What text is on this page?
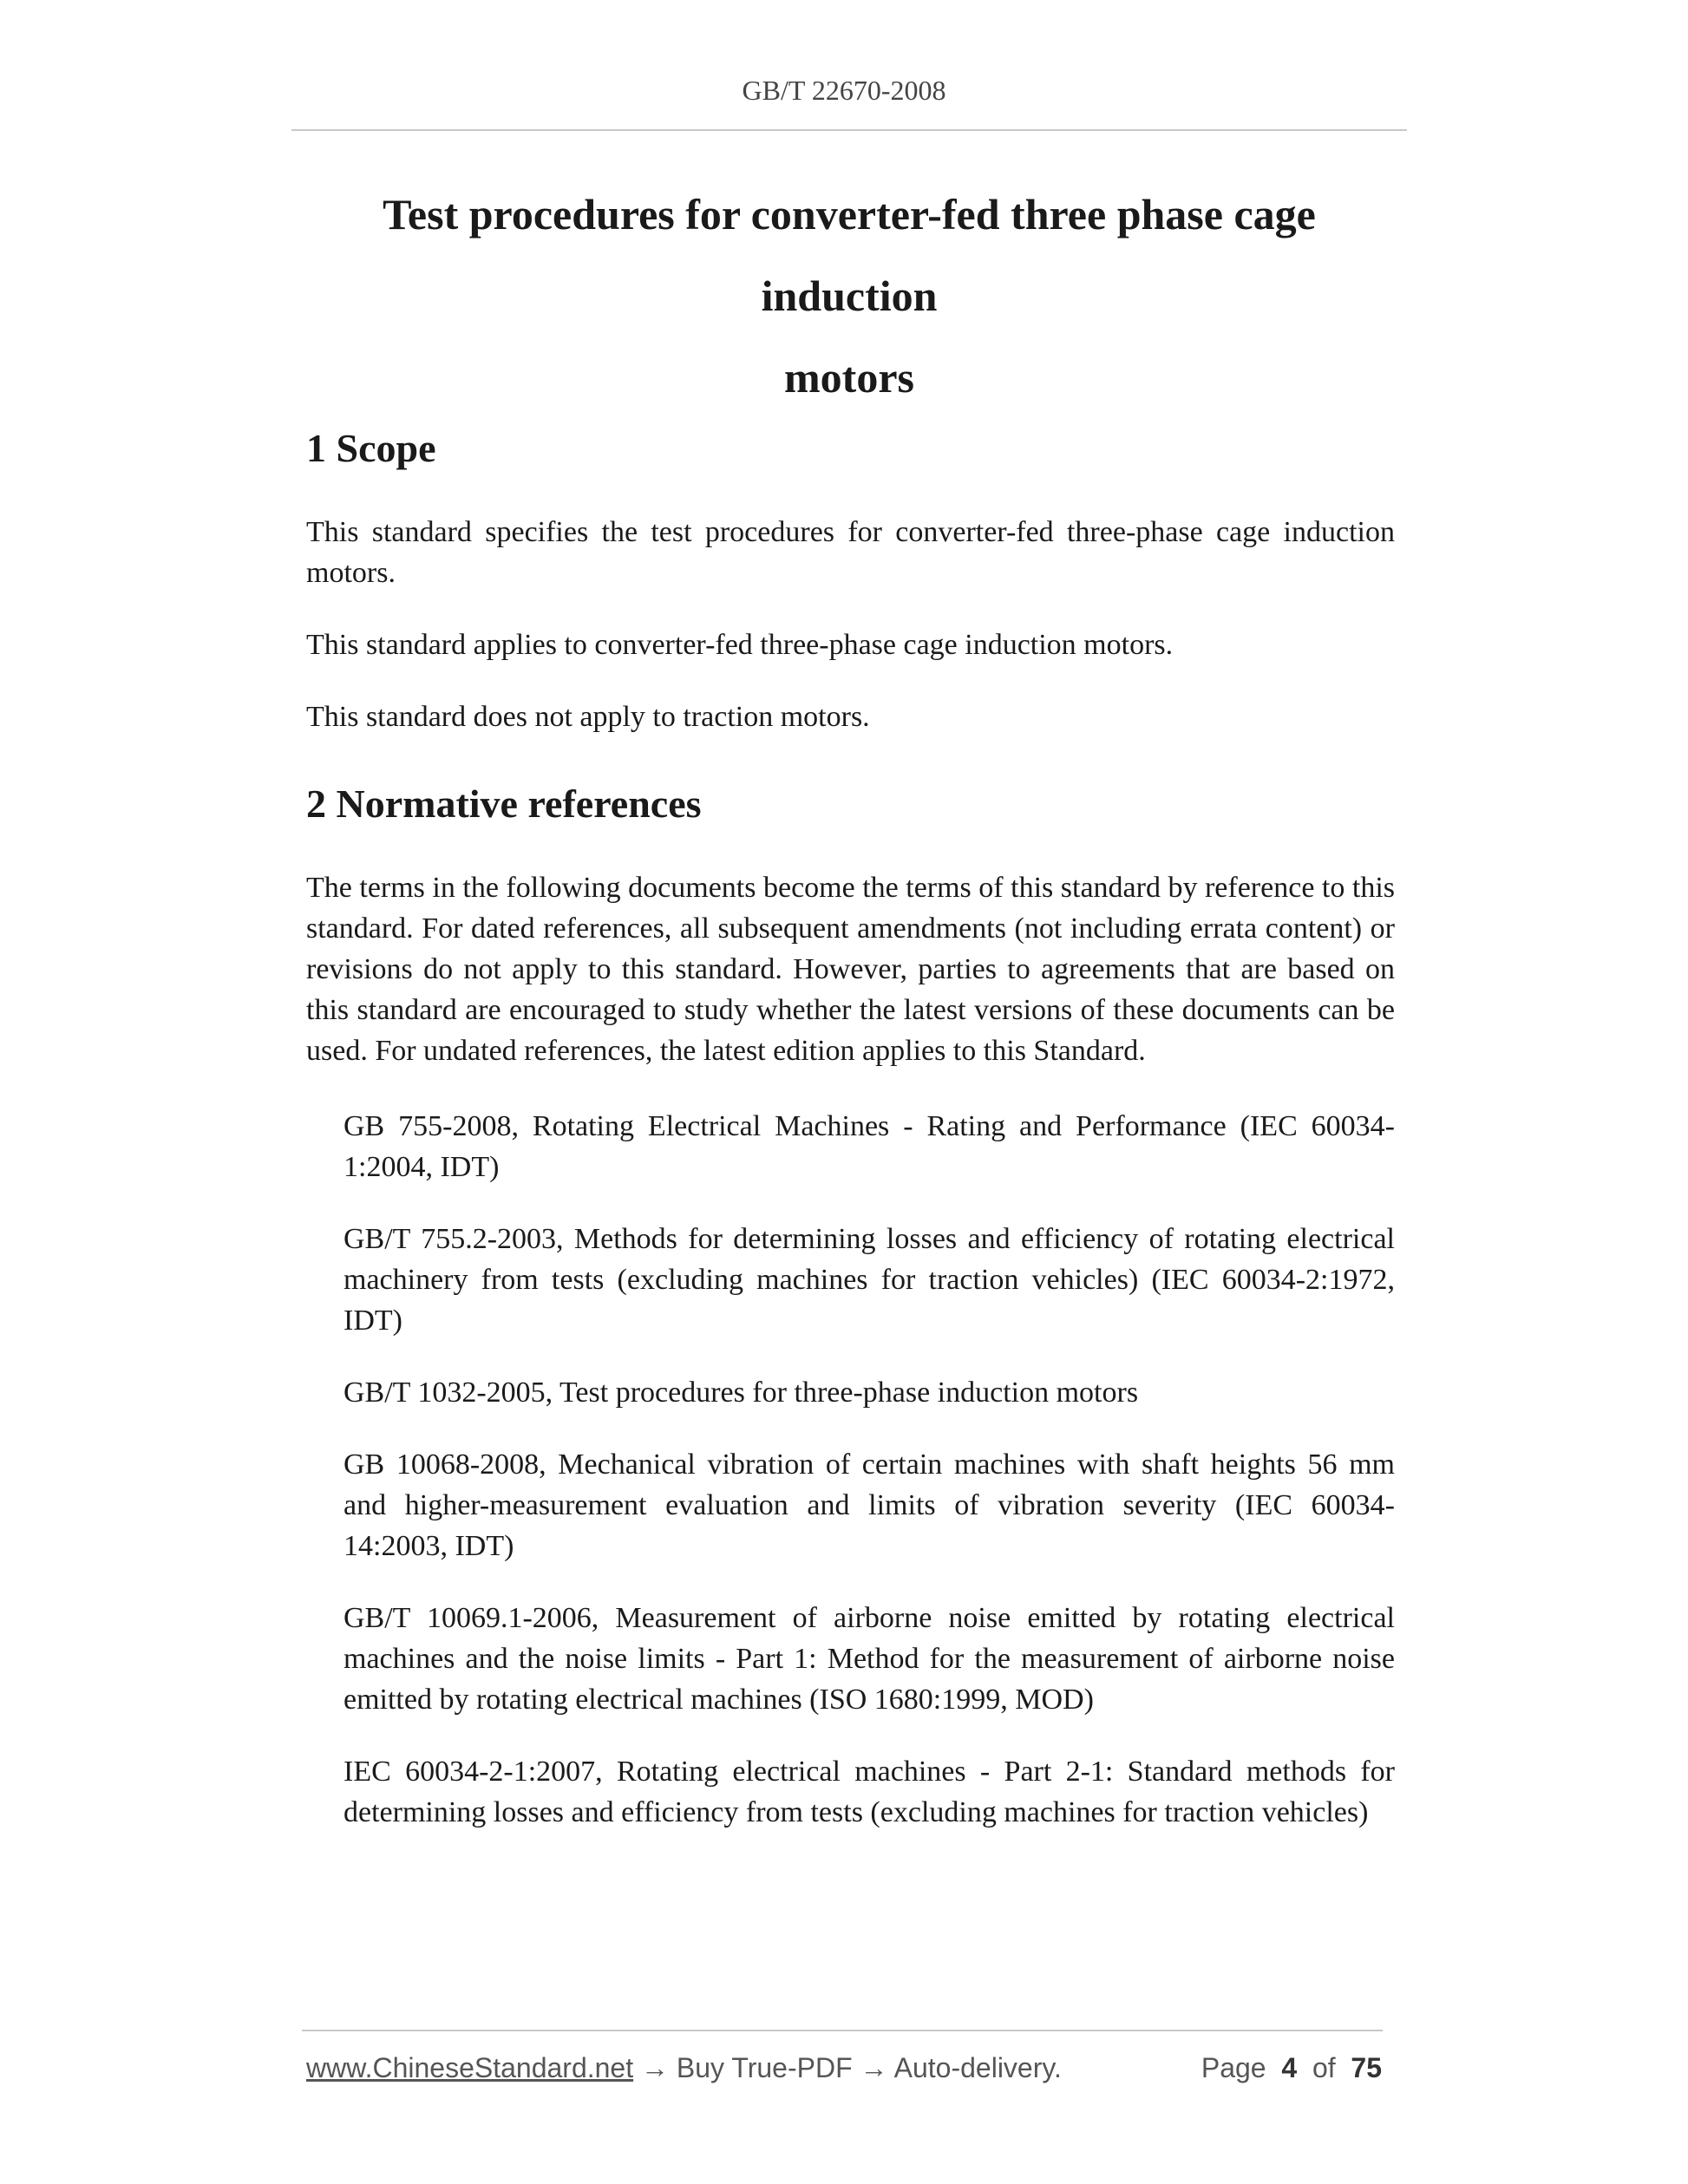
GB/T 22670-2008
Test procedures for converter-fed three phase cage induction
motors
1 Scope

This standard specifies the test procedures for converter-fed three-phase cage induction motors.

This standard applies to converter-fed three-phase cage induction motors.

This standard does not apply to traction motors.

2 Normative references

The terms in the following documents become the terms of this standard by reference to this standard. For dated references, all subsequent amendments (not including errata content) or revisions do not apply to this standard. However, parties to agreements that are based on this standard are encouraged to study whether the latest versions of these documents can be used. For undated references, the latest edition applies to this Standard.

GB 755-2008, Rotating Electrical Machines - Rating and Performance (IEC 60034-1:2004, IDT)
GB/T 755.2-2003, Methods for determining losses and efficiency of rotating electrical machinery from tests (excluding machines for traction vehicles) (IEC 60034-2:1972, IDT)
GB/T 1032-2005, Test procedures for three-phase induction motors
GB 10068-2008, Mechanical vibration of certain machines with shaft heights 56 mm and higher-measurement evaluation and limits of vibration severity (IEC 60034-14:2003, IDT)
GB/T 10069.1-2006, Measurement of airborne noise emitted by rotating electrical machines and the noise limits - Part 1: Method for the measurement of airborne noise emitted by rotating electrical machines (ISO 1680:1999, MOD)
IEC 60034-2-1:2007, Rotating electrical machines - Part 2-1: Standard methods for determining losses and efficiency from tests (excluding machines for traction vehicles)
www.ChineseStandard.net → Buy True-PDF → Auto-delivery.	Page 4 of 75
